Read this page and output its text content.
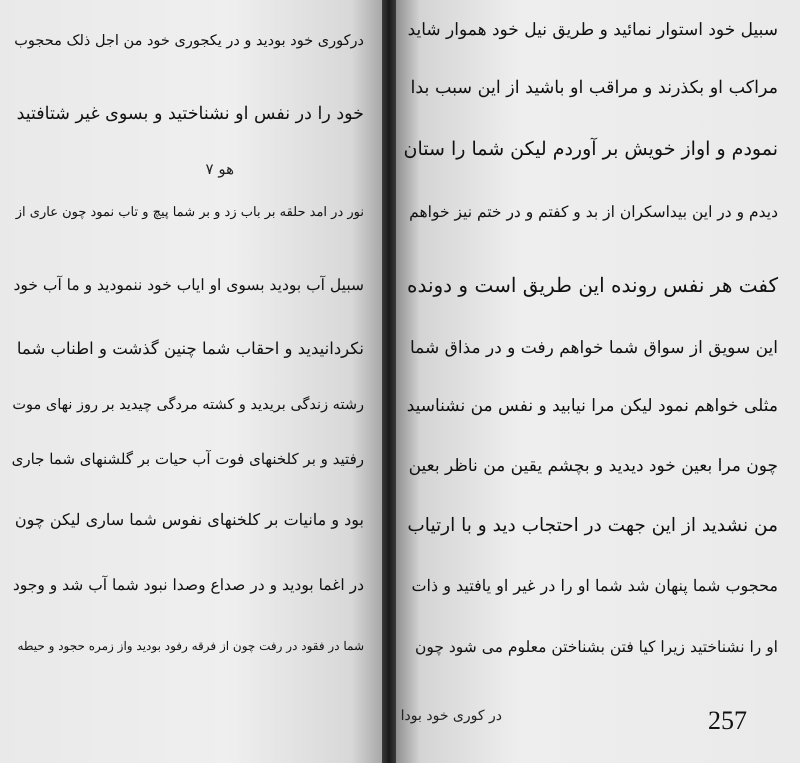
درکوری خود بودید و در یکجوری خود من اجل ذلک محجوب
خود را در نفس او نشناختید و بسوی غیر شتافتید
هو ۷
نور در امد حلقه بر باب زد و بر شما پیچ و تاب نمود چون عاری از
سبیل آب بودید بسوی او ایاب خود ننمودید و ما آب خود
نکردانیدید و احقاب شما چنین گذشت و اطناب شما
رشته زندگی بریدید و کشته مردگی چیدید بر روز نهای موت
رفتید و بر کلخنهای فوت آب حیات بر گلشنهای شما جاری
بود و مانیات بر کلخنهای نفوس شما ساری لیکن چون
در اغما بودید و در صداع وصدا نبود شما آب شد و وجود
شما در فقود در رفت چون از فرقه رفود بودید واز زمره حجود و حیطه
سبیل خود استوار نمائید و طریق نیل خود هموار شاید
مراکب او بکذرند و مراقب او باشید از این سبب بدا
نمودم و اواز خویش بر آوردم لیکن شما را ستان
دیدم و در این بیداسکران از بد و کفتم و در ختم نیز خواهم
کفت هر نفس رونده این طریق است و دونده
این سویق از سواق شما خواهم رفت و در مذاق شما
مثلی خواهم نمود لیکن مرا نیابید و نفس من نشناسید
چون مرا بعین خود دیدید و بچشم یقین من ناظر بعین
من نشدید از این جهت در احتجاب دید و با ارتیاب
محجوب شما پنهان شد شما او را در غیر او یافتید و ذات
او را نشناختید زیرا کیا فتن بشناختن معلوم می شود چون
در کوری خود بودا	257
